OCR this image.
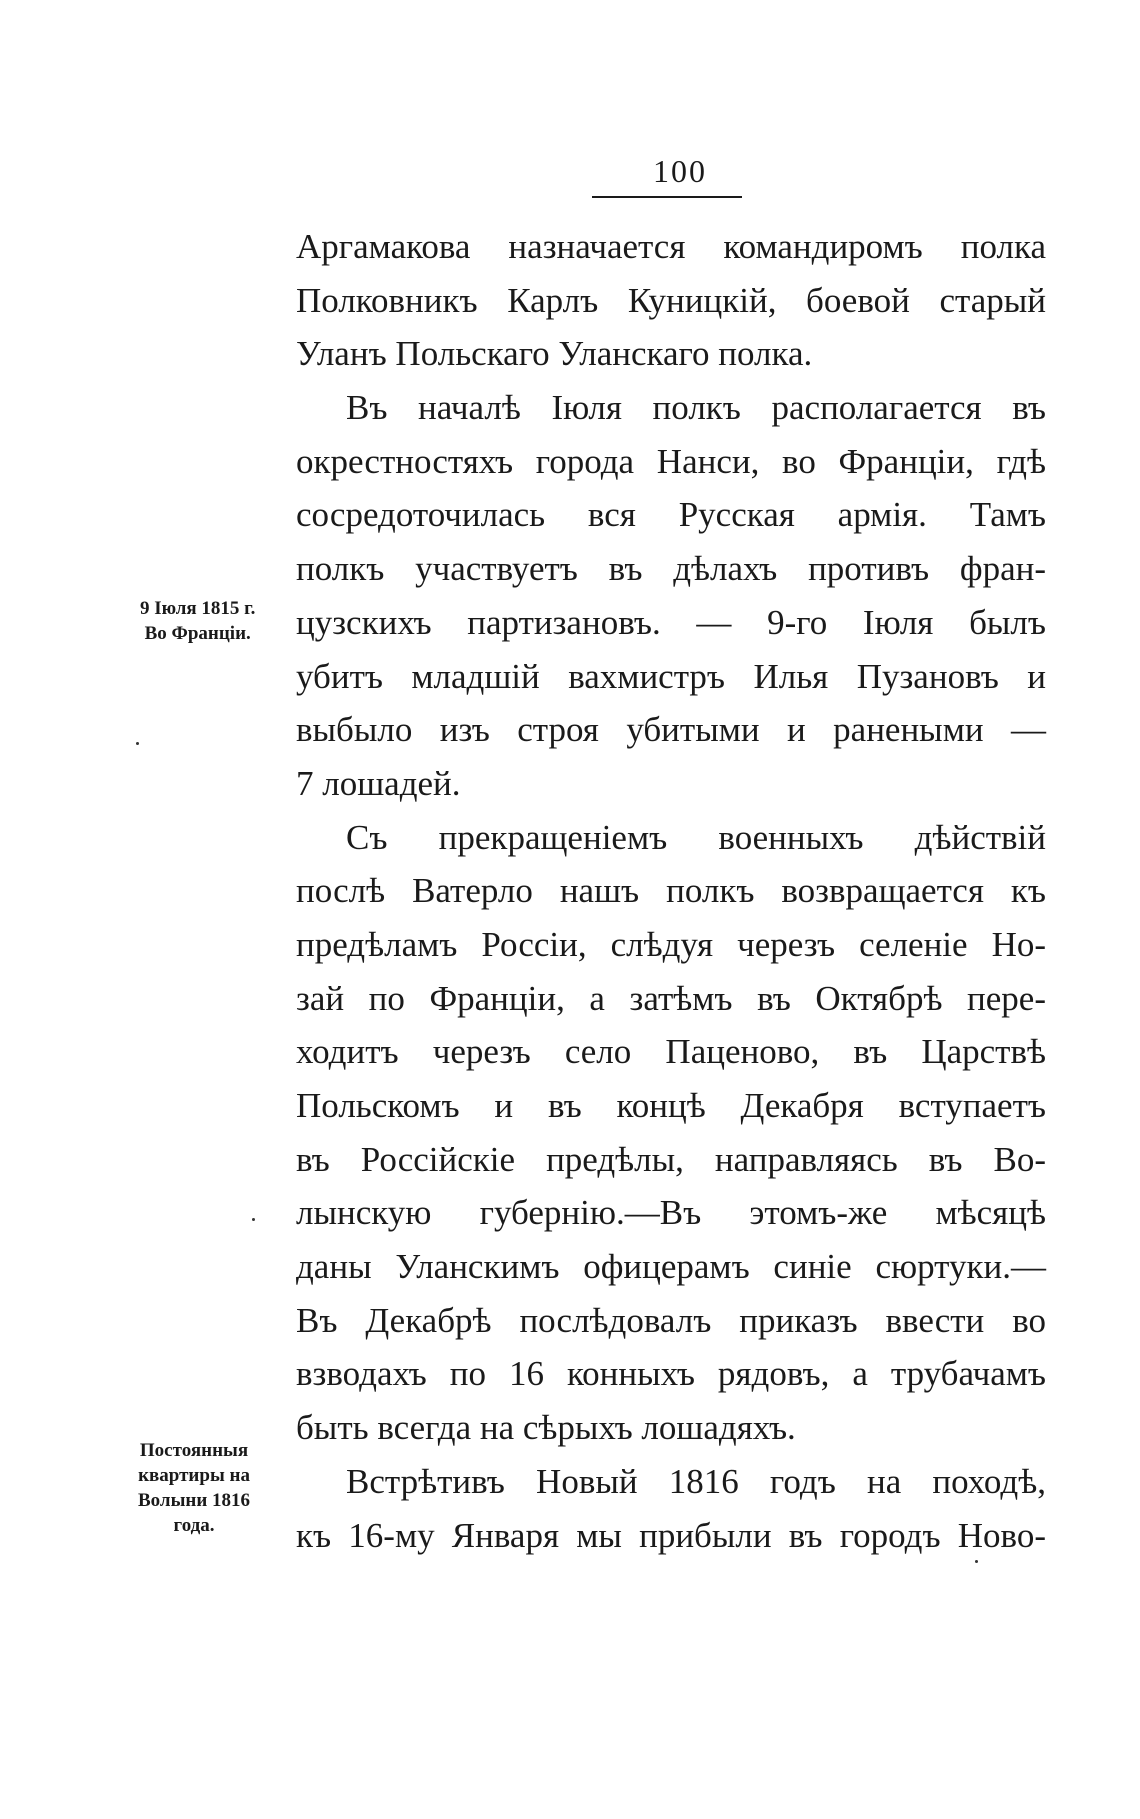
100
Аргамакова назначается командиромъ полка
Полковникъ Карлъ Куницкій, боевой старый
Уланъ Польскаго Уланскаго полка.
Въ началѣ Іюля полкъ располагается въ
окрестностяхъ города Нанси, во Франціи, гдѣ
сосредоточилась вся Русская армія. Тамъ
полкъ участвуетъ въ дѣлахъ противъ фран-
цузскихъ партизановъ. — 9-го Іюля былъ
убитъ младшій вахмистръ Илья Пузановъ и
выбыло изъ строя убитыми и ранеными —
7 лошадей.
Съ прекращеніемъ военныхъ дѣйствій
послѣ Ватерло нашъ полкъ возвращается къ
предѣламъ Россіи, слѣдуя черезъ селеніе Но-
зай по Франціи, а затѣмъ въ Октябрѣ пере-
ходитъ черезъ село Паценово, въ Царствѣ
Польскомъ и въ концѣ Декабря вступаетъ
въ Россійскіе предѣлы, направляясь въ Во-
лынскую губернію.—Въ этомъ-же мѣсяцѣ
даны Уланскимъ офицерамъ синіе сюртуки.—
Въ Декабрѣ послѣдовалъ приказъ ввести во
взводахъ по 16 конныхъ рядовъ, а трубачамъ
быть всегда на сѣрыхъ лошадяхъ.
Встрѣтивъ Новый 1816 годъ на походѣ,
къ 16-му Января мы прибыли въ городъ Ново-
9 Іюля 1815 г.
Во Франціи.
Постоянныя
квартиры на
Волыни 1816
года.
